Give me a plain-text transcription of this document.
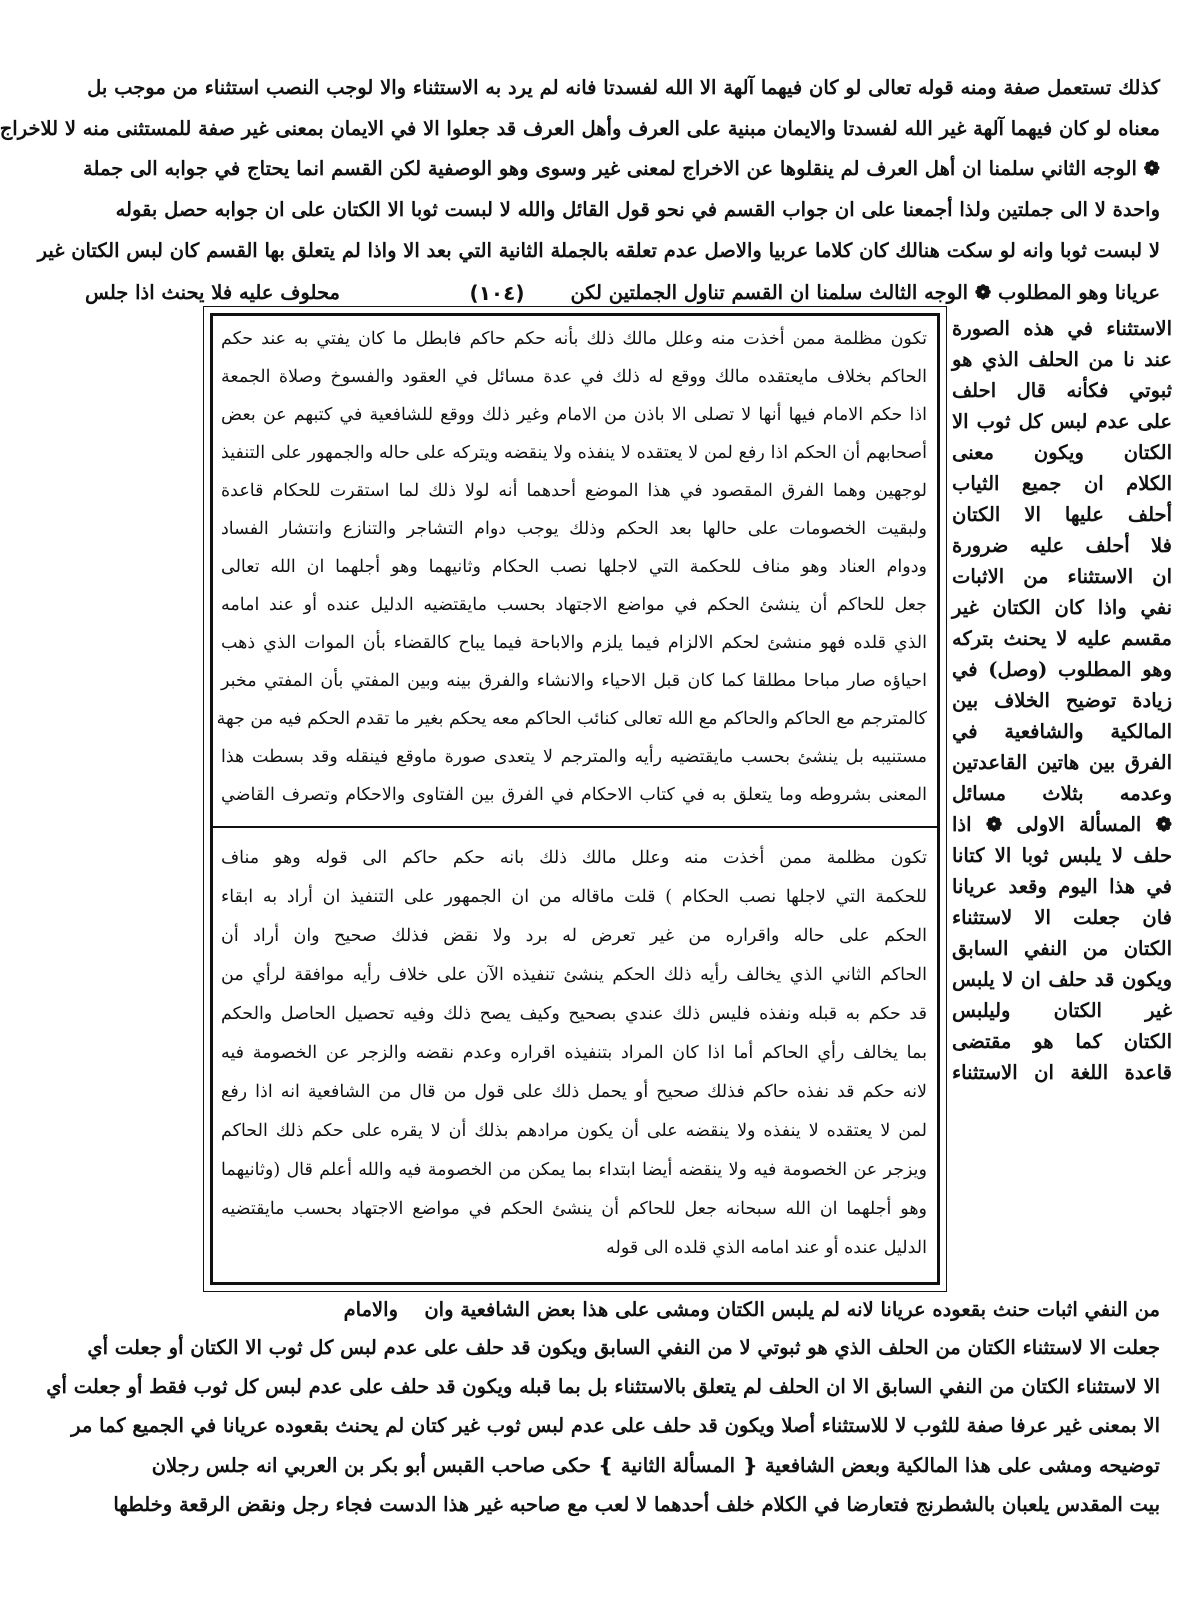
كذلك تستعمل صفة ومنه قوله تعالى لو كان فيهما آلهة الا الله لفسدتا فانه لم يرد به الاستثناء والا لوجب النصب استثناء من موجب بل
معناه لو كان فيهما آلهة غير الله لفسدتا والايمان مبنية على العرف وأهل العرف قد جعلوا الا في الايمان بمعنى غير صفة للمستثنى منه لا للاخراج
❁ الوجه الثاني سلمنا ان أهل العرف لم ينقلوها عن الاخراج لمعنى غير وسوى وهو الوصفية لكن القسم انما يحتاج في جوابه الى جملة
واحدة لا الى جملتين ولذا أجمعنا على ان جواب القسم في نحو قول القائل والله لا لبست ثوبا الا الكتان على ان جوابه حصل بقوله
لا لبست ثوبا وانه لو سكت هنالك كان كلاما عربيا والاصل عدم تعلقه بالجملة الثانية التي بعد الا واذا لم يتعلق بها القسم كان لبس الكتان غير
محلوف عليه فلا يحنث اذا جلس	(١٠٤)	عريانا وهو المطلوب ❁ الوجه الثالث سلمنا ان القسم تناول الجملتين لكن
الاستثناء في هذه الصورة
عند نا من الحلف الذي هو
ثبوتي فكأنه قال احلف
على عدم لبس كل ثوب الا
الكتان ويكون معنى
الكلام ان جميع الثياب
أحلف عليها الا الكتان
فلا أحلف عليه ضرورة
ان الاستثناء من الاثبات
نفي واذا كان الكتان غير
مقسم عليه لا يحنث بتركه
وهو المطلوب (وصل) في
زيادة توضيح الخلاف بين
المالكية والشافعية في
الفرق بين هاتين القاعدتين
وعدمه بثلاث مسائل
❁ المسألة الاولى ❁ اذا
حلف لا يلبس ثوبا الا كتانا
في هذا اليوم وقعد عريانا
فان جعلت الا لاستثناء
الكتان من النفي السابق
ويكون قد حلف ان لا يلبس
غير الكتان وليلبس
الكتان كما هو مقتضى
قاعدة اللغة ان الاستثناء
تكون مظلمة ممن أخذت منه وعلل مالك ذلك بأنه حكم حاكم فابطل ما كان يفتي به عند حكم
الحاكم بخلاف مايعتقده مالك ووقع له ذلك في عدة مسائل في العقود والفسوخ وصلاة الجمعة
اذا حكم الامام فيها أنها لا تصلى الا باذن من الامام وغير ذلك ووقع للشافعية في كتبهم عن بعض
أصحابهم أن الحكم اذا رفع لمن لا يعتقده لا ينفذه ولا ينقضه ويتركه على حاله والجمهور على التنفيذ
لوجهين وهما الفرق المقصود في هذا الموضع أحدهما أنه لولا ذلك لما استقرت للحكام قاعدة
ولبقيت الخصومات على حالها بعد الحكم وذلك يوجب دوام التشاجر والتنازع وانتشار الفساد
ودوام العناد وهو مناف للحكمة التي لاجلها نصب الحكام وثانيهما وهو أجلهما ان الله تعالى
جعل للحاكم أن ينشئ الحكم في مواضع الاجتهاد بحسب مايقتضيه الدليل عنده أو عند امامه
الذي قلده فهو منشئ لحكم الالزام فيما يلزم والاباحة فيما يباح كالقضاء بأن الموات الذي ذهب
احياؤه صار مباحا مطلقا كما كان قبل الاحياء والانشاء والفرق بينه وبين المفتي بأن المفتي مخبر
كالمترجم مع الحاكم والحاكم مع الله تعالى كنائب الحاكم معه يحكم بغير ما تقدم الحكم فيه من جهة
مستنيبه بل ينشئ بحسب مايقتضيه رأيه والمترجم لا يتعدى صورة ماوقع فينقله وقد بسطت هذا
المعنى بشروطه وما يتعلق به في كتاب الاحكام في الفرق بين الفتاوى والاحكام وتصرف القاضي
تكون مظلمة ممن أخذت منه وعلل مالك ذلك بانه حكم حاكم الى قوله وهو مناف
للحكمة التي لاجلها نصب الحكام ) قلت ماقاله من ان الجمهور على التنفيذ ان أراد به ابقاء
الحكم على حاله واقراره من غير تعرض له برد ولا نقض فذلك صحيح وان أراد أن
الحاكم الثاني الذي يخالف رأيه ذلك الحكم ينشئ تنفيذه الآن على خلاف رأيه موافقة لرأي من
قد حكم به قبله ونفذه فليس ذلك عندي بصحيح وكيف يصح ذلك وفيه تحصيل الحاصل والحكم
بما يخالف رأي الحاكم أما اذا كان المراد بتنفيذه اقراره وعدم نقضه والزجر عن الخصومة فيه
لانه حكم قد نفذه حاكم فذلك صحيح أو يحمل ذلك على قول من قال من الشافعية انه اذا رفع
لمن لا يعتقده لا ينفذه ولا ينقضه على أن يكون مرادهم بذلك أن لا يقره على حكم ذلك الحاكم
ويزجر عن الخصومة فيه ولا ينقضه أيضا ابتداء بما يمكن من الخصومة فيه والله أعلم قال (وثانيهما
وهو أجلهما ان الله سبحانه جعل للحاكم أن ينشئ الحكم في مواضع الاجتهاد بحسب مايقتضيه
الدليل عنده أو عند امامه الذي قلده الى قوله
من النفي اثبات حنث بقعوده عريانا لانه لم يلبس الكتان ومشى على هذا بعض الشافعية وان
والامام
جعلت الا لاستثناء الكتان من الحلف الذي هو ثبوتي لا من النفي السابق ويكون قد حلف على عدم لبس كل ثوب الا الكتان أو جعلت أي
الا لاستثناء الكتان من النفي السابق الا ان الحلف لم يتعلق بالاستثناء بل بما قبله ويكون قد حلف على عدم لبس كل ثوب فقط أو جعلت أي
الا بمعنى غير عرفا صفة للثوب لا للاستثناء أصلا ويكون قد حلف على عدم لبس ثوب غير كتان لم يحنث بقعوده عريانا في الجميع كما مر
توضيحه ومشى على هذا المالكية وبعض الشافعية ❴ المسألة الثانية ❵ حكى صاحب القبس أبو بكر بن العربي انه جلس رجلان
بيت المقدس يلعبان بالشطرنج فتعارضا في الكلام خلف أحدهما لا لعب مع صاحبه غير هذا الدست فجاء رجل ونقض الرقعة وخلطها
